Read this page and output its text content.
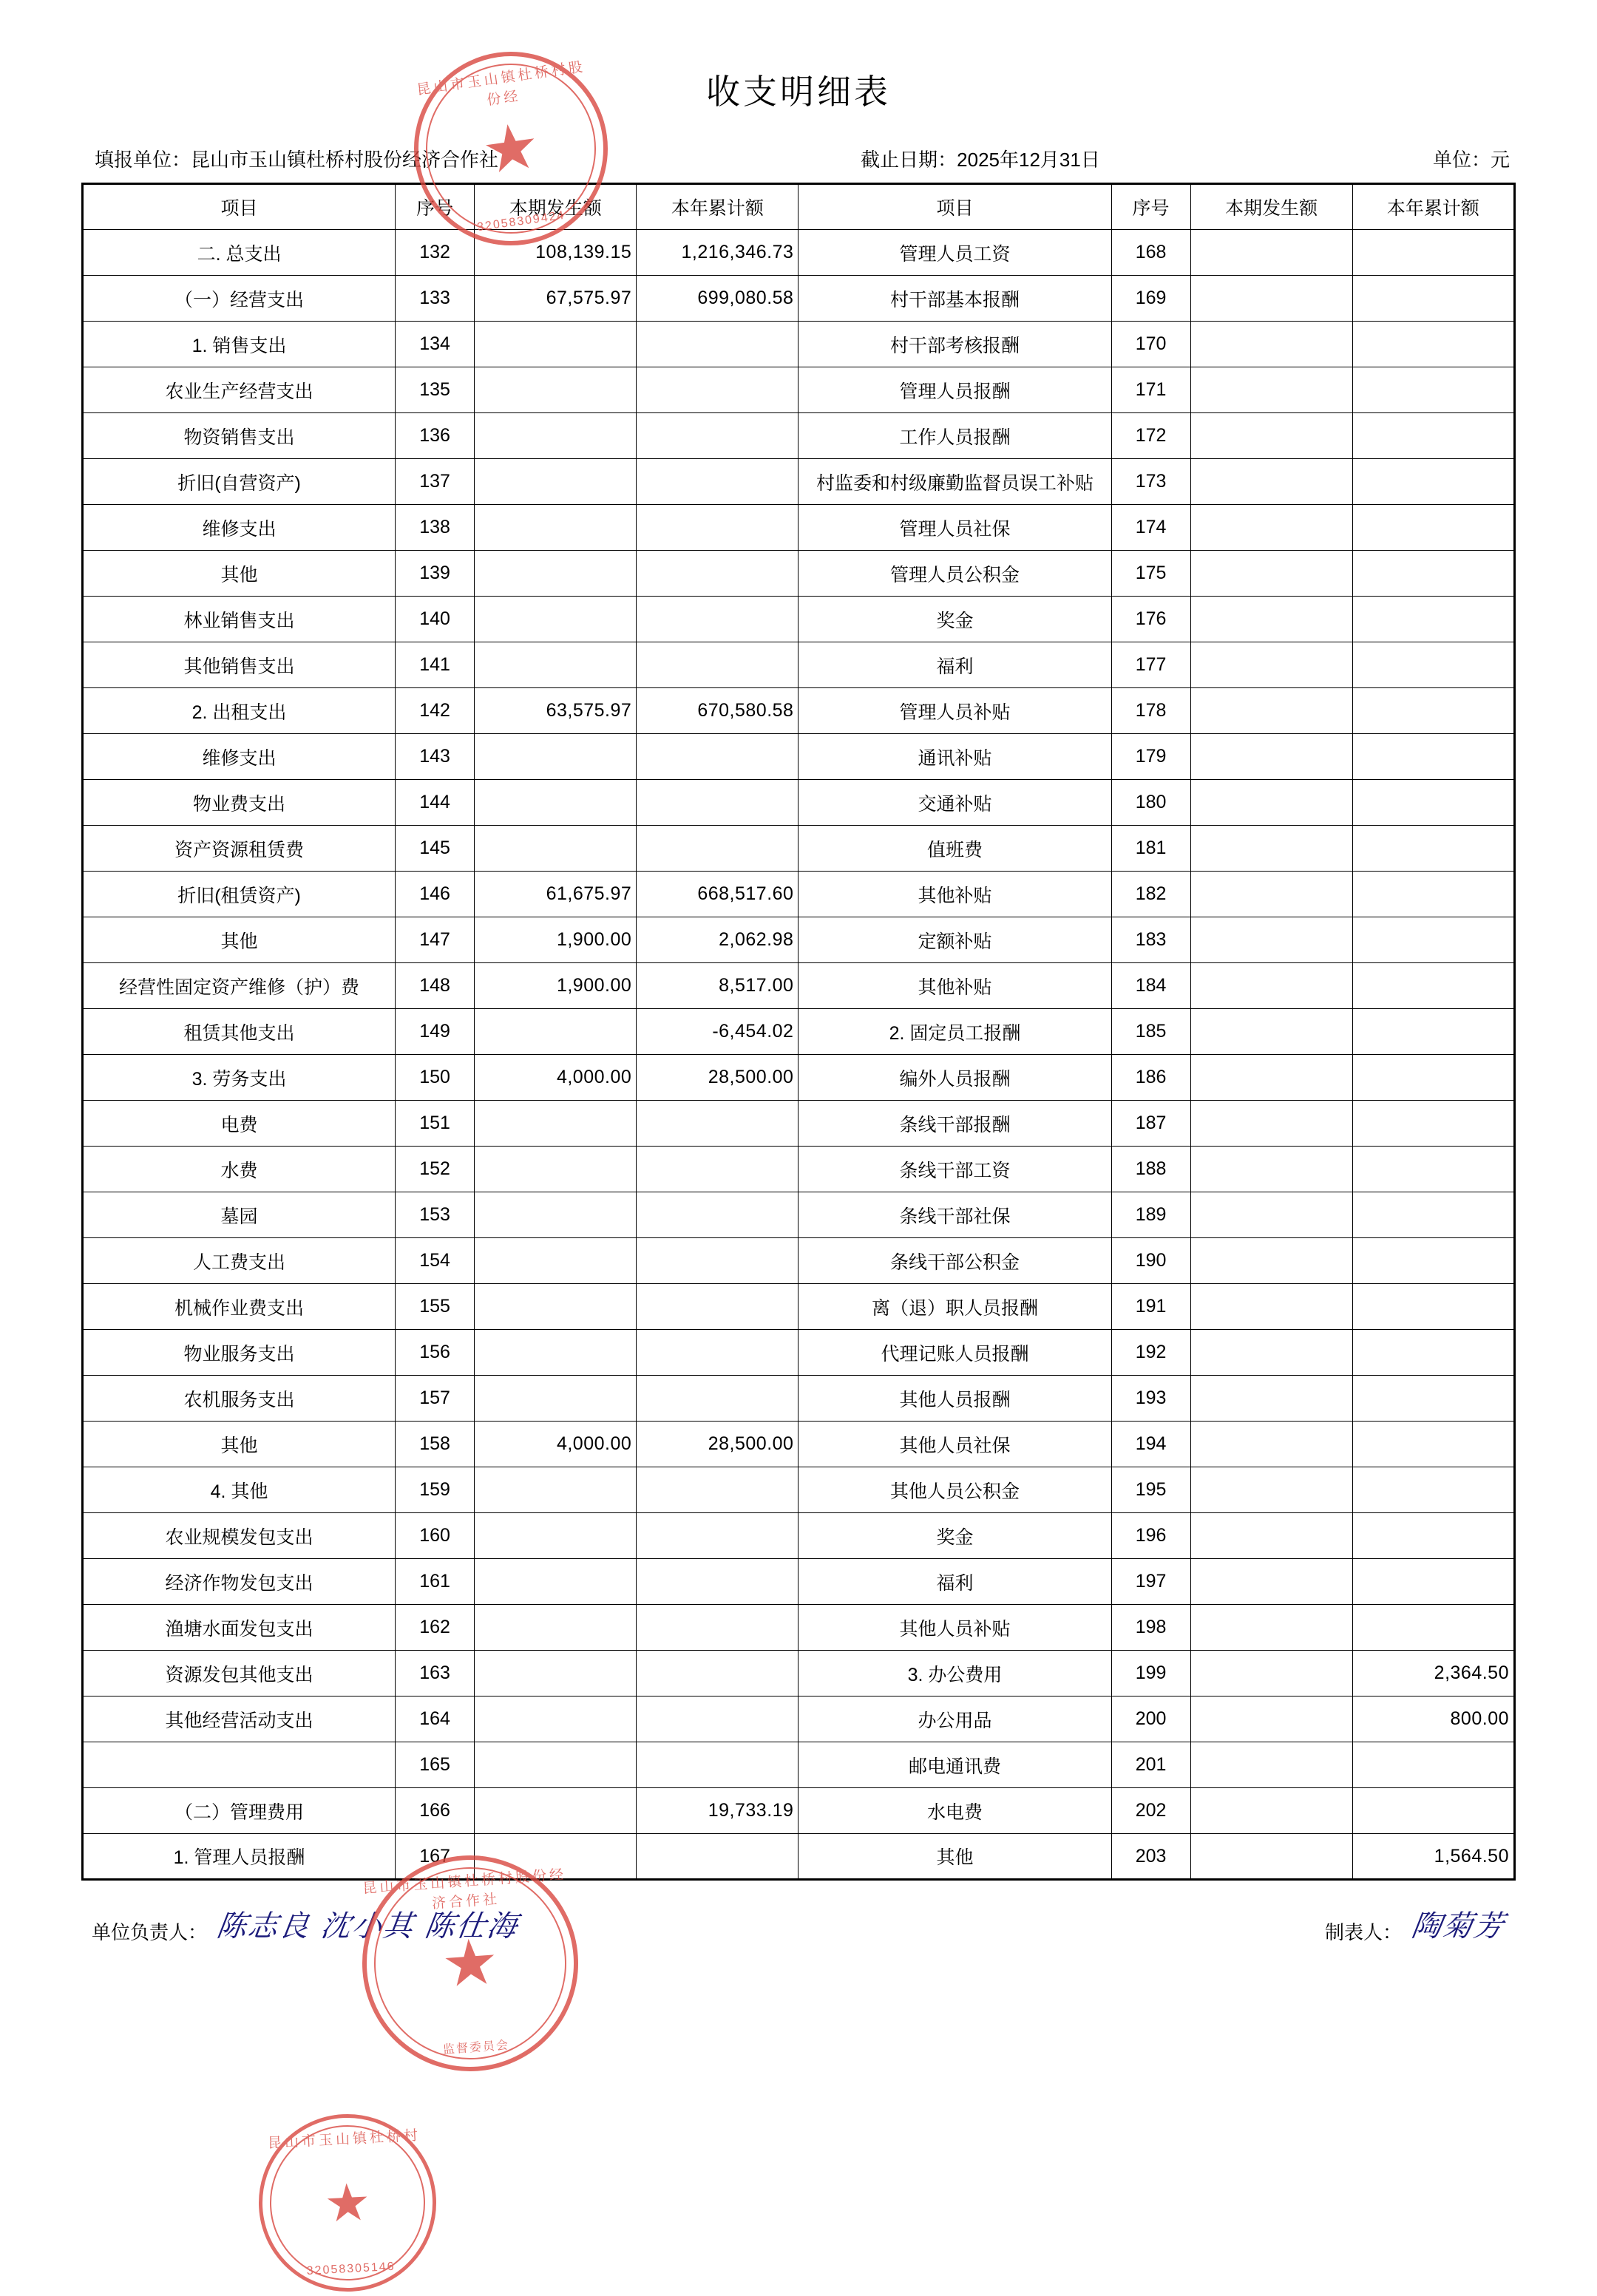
收支明细表
填报单位：昆山市玉山镇杜桥村股份经济合作社	截止日期：2025年12月31日	单位：元
项目	序号	本期发生额	本年累计额	项目	序号	本期发生额	本年累计额
二. 总支出	132	108,139.15	1,216,346.73	管理人员工资	168		
（一）经营支出	133	67,575.97	699,080.58	村干部基本报酬	169		
1. 销售支出	134			村干部考核报酬	170		
农业生产经营支出	135			管理人员报酬	171		
物资销售支出	136			工作人员报酬	172		
折旧(自营资产)	137			村监委和村级廉勤监督员误工补贴	173		
维修支出	138			管理人员社保	174		
其他	139			管理人员公积金	175		
林业销售支出	140			奖金	176		
其他销售支出	141			福利	177		
2. 出租支出	142	63,575.97	670,580.58	管理人员补贴	178		
维修支出	143			通讯补贴	179		
物业费支出	144			交通补贴	180		
资产资源租赁费	145			值班费	181		
折旧(租赁资产)	146	61,675.97	668,517.60	其他补贴	182		
其他	147	1,900.00	2,062.98	定额补贴	183		
经营性固定资产维修（护）费	148	1,900.00	8,517.00	其他补贴	184		
租赁其他支出	149		-6,454.02	2. 固定员工报酬	185		
3. 劳务支出	150	4,000.00	28,500.00	编外人员报酬	186		
电费	151			条线干部报酬	187		
水费	152			条线干部工资	188		
墓园	153			条线干部社保	189		
人工费支出	154			条线干部公积金	190		
机械作业费支出	155			离（退）职人员报酬	191		
物业服务支出	156			代理记账人员报酬	192		
农机服务支出	157			其他人员报酬	193		
其他	158	4,000.00	28,500.00	其他人员社保	194		
4. 其他	159			其他人员公积金	195		
农业规模发包支出	160			奖金	196		
经济作物发包支出	161			福利	197		
渔塘水面发包支出	162			其他人员补贴	198		
资源发包其他支出	163			3. 办公费用	199		2,364.50
其他经营活动支出	164			办公用品	200		800.00
	165			邮电通讯费	201		
（二）管理费用	166		19,733.19	水电费	202		
1. 管理人员报酬	167			其他	203		1,564.50
单位负责人： 陈志良 沈小其 陈仕海	制表人： 陶菊芳
昆山市玉山镇杜桥村股份经
★
32058309424
昆山市玉山镇杜桥村股份经济合作社
★
监督委员会
昆山市玉山镇杜桥村
★
32058305146
